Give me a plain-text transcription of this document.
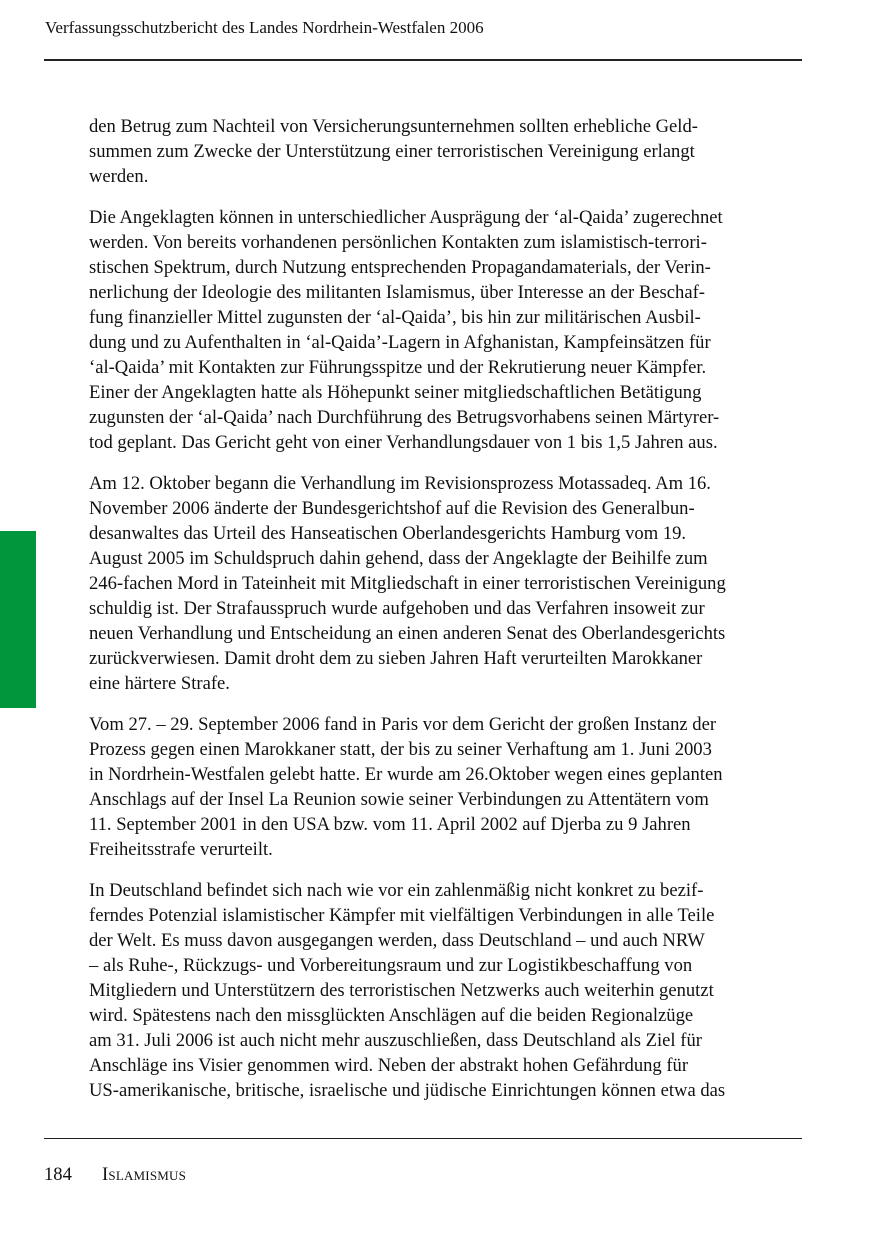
Verfassungsschutzbericht des Landes Nordrhein-Westfalen 2006

den Betrug zum Nachteil von Versicherungsunternehmen sollten erhebliche Geld-
summen zum Zwecke der Unterstützung einer terroristischen Vereinigung erlangt
werden.

Die Angeklagten können in unterschiedlicher Ausprägung der ‘al-Qaida’ zugerechnet
werden. Von bereits vorhandenen persönlichen Kontakten zum islamistisch-terrori-
stischen Spektrum, durch Nutzung entsprechenden Propagandamaterials, der Verin-
nerlichung der Ideologie des militanten Islamismus, über Interesse an der Beschaf-
fung finanzieller Mittel zugunsten der ‘al-Qaida’, bis hin zur militärischen Ausbil-
dung und zu Aufenthalten in ‘al-Qaida’-Lagern in Afghanistan, Kampfeinsätzen für
‘al-Qaida’ mit Kontakten zur Führungsspitze und der Rekrutierung neuer Kämpfer.
Einer der Angeklagten hatte als Höhepunkt seiner mitgliedschaftlichen Betätigung
zugunsten der ‘al-Qaida’ nach Durchführung des Betrugsvorhabens seinen Märtyrer-
tod geplant. Das Gericht geht von einer Verhandlungsdauer von 1 bis 1,5 Jahren aus.

Am 12. Oktober begann die Verhandlung im Revisionsprozess Motassadeq. Am 16.
November 2006 änderte der Bundesgerichtshof auf die Revision des Generalbun-
desanwaltes das Urteil des Hanseatischen Oberlandesgerichts Hamburg vom 19.
August 2005 im Schuldspruch dahin gehend, dass der Angeklagte der Beihilfe zum
246-fachen Mord in Tateinheit mit Mitgliedschaft in einer terroristischen Vereinigung
schuldig ist. Der Strafausspruch wurde aufgehoben und das Verfahren insoweit zur
neuen Verhandlung und Entscheidung an einen anderen Senat des Oberlandesgerichts
zurückverwiesen. Damit droht dem zu sieben Jahren Haft verurteilten Marokkaner
eine härtere Strafe.

Vom 27. – 29. September 2006 fand in Paris vor dem Gericht der großen Instanz der
Prozess gegen einen Marokkaner statt, der bis zu seiner Verhaftung am 1. Juni 2003
in Nordrhein-Westfalen gelebt hatte. Er wurde am 26.Oktober wegen eines geplanten
Anschlags auf der Insel La Reunion sowie seiner Verbindungen zu Attentätern vom
11. September 2001 in den USA bzw. vom 11. April 2002 auf Djerba zu 9 Jahren
Freiheitsstrafe verurteilt.

In Deutschland befindet sich nach wie vor ein zahlenmäßig nicht konkret zu bezif-
ferndes Potenzial islamistischer Kämpfer mit vielfältigen Verbindungen in alle Teile
der Welt. Es muss davon ausgegangen werden, dass Deutschland – und auch NRW
– als Ruhe-, Rückzugs- und Vorbereitungsraum und zur Logistikbeschaffung von
Mitgliedern und Unterstützern des terroristischen Netzwerks auch weiterhin genutzt
wird. Spätestens nach den missglückten Anschlägen auf die beiden Regionalzüge
am 31. Juli 2006 ist auch nicht mehr auszuschließen, dass Deutschland als Ziel für
Anschläge ins Visier genommen wird. Neben der abstrakt hohen Gefährdung für
US-amerikanische, britische, israelische und jüdische Einrichtungen können etwa das

184 Islamismus
